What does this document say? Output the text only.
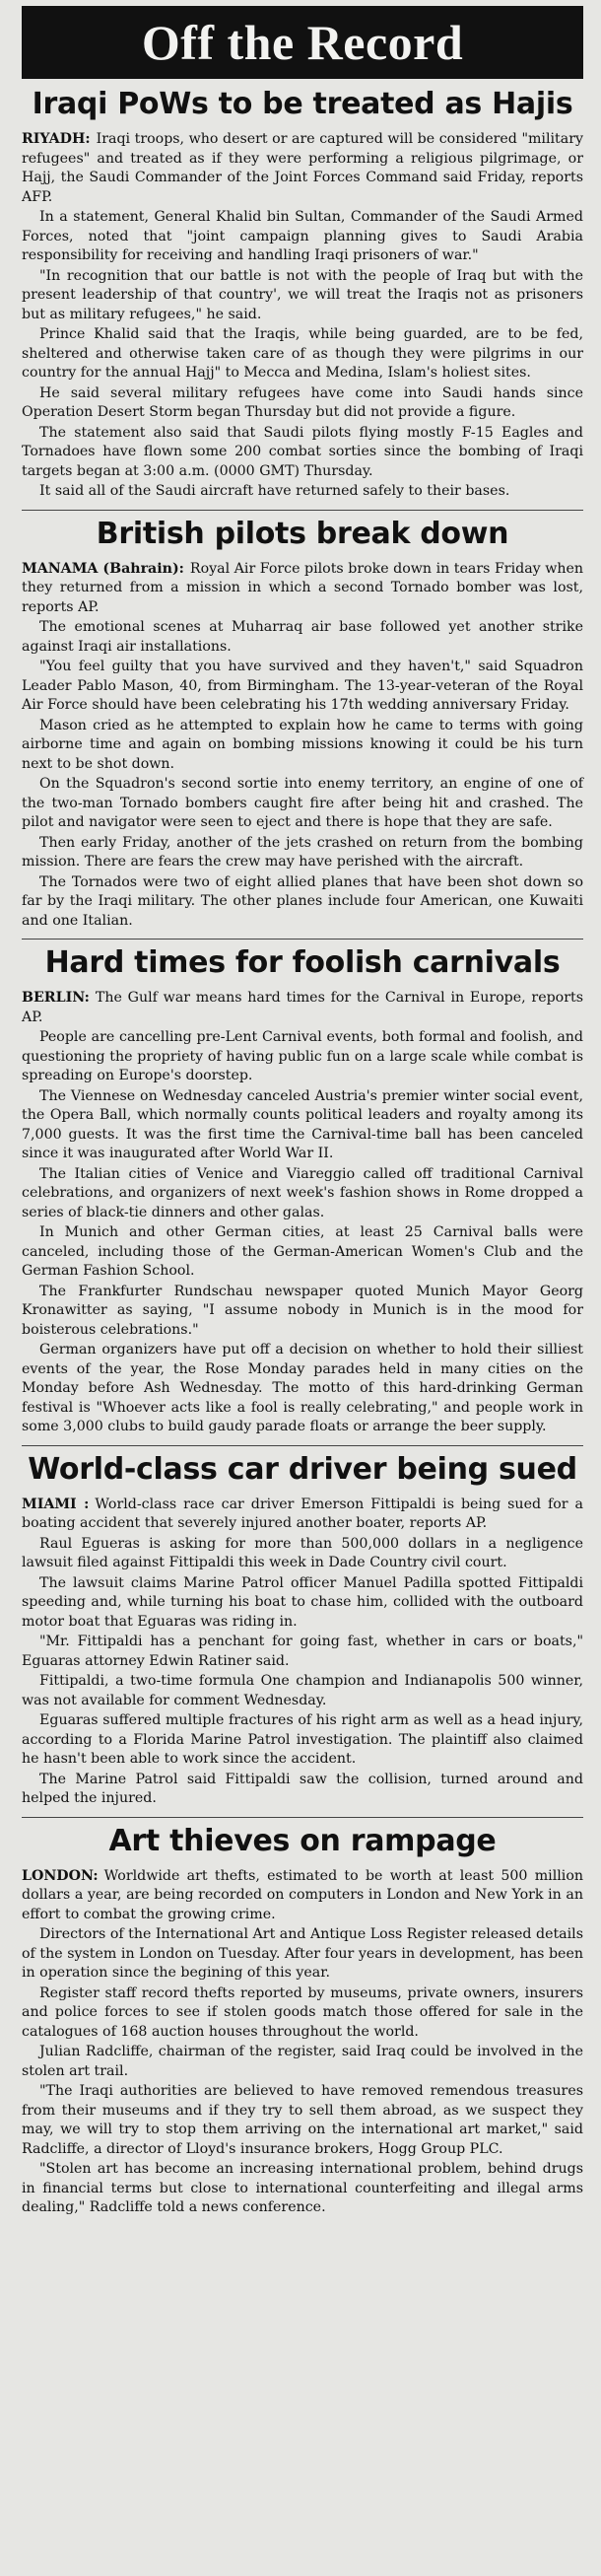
Off the Record
Iraqi PoWs to be treated as Hajis

RIYADH: Iraqi troops, who desert or are captured will be considered "military refugees" and treated as if they were performing a religious pilgrimage, or Hajj, the Saudi Commander of the Joint Forces Command said Friday, reports AFP.

In a statement, General Khalid bin Sultan, Commander of the Saudi Armed Forces, noted that "joint campaign planning gives to Saudi Arabia responsibility for receiving and handling Iraqi prisoners of war."

"In recognition that our battle is not with the people of Iraq but with the present leadership of that country', we will treat the Iraqis not as prisoners but as military refugees," he said.

Prince Khalid said that the Iraqis, while being guarded, are to be fed, sheltered and otherwise taken care of as though they were pilgrims in our country for the annual Hajj" to Mecca and Medina, Islam's holiest sites.

He said several military refugees have come into Saudi hands since Operation Desert Storm began Thursday but did not provide a figure.

The statement also said that Saudi pilots flying mostly F-15 Eagles and Tornadoes have flown some 200 combat sorties since the bombing of Iraqi targets began at 3:00 a.m. (0000 GMT) Thursday.

It said all of the Saudi aircraft have returned safely to their bases.

British pilots break down

MANAMA (Bahrain): Royal Air Force pilots broke down in tears Friday when they returned from a mission in which a second Tornado bomber was lost, reports AP.

The emotional scenes at Muharraq air base followed yet another strike against Iraqi air installations.

"You feel guilty that you have survived and they haven't," said Squadron Leader Pablo Mason, 40, from Birmingham. The 13-year-veteran of the Royal Air Force should have been celebrating his 17th wedding anniversary Friday.

Mason cried as he attempted to explain how he came to terms with going airborne time and again on bombing missions knowing it could be his turn next to be shot down.

On the Squadron's second sortie into enemy territory, an engine of one of the two-man Tornado bombers caught fire after being hit and crashed. The pilot and navigator were seen to eject and there is hope that they are safe.

Then early Friday, another of the jets crashed on return from the bombing mission. There are fears the crew may have perished with the aircraft.

The Tornados were two of eight allied planes that have been shot down so far by the Iraqi military. The other planes include four American, one Kuwaiti and one Italian.

Hard times for foolish carnivals

BERLIN: The Gulf war means hard times for the Carnival in Europe, reports AP.

People are cancelling pre-Lent Carnival events, both formal and foolish, and questioning the propriety of having public fun on a large scale while combat is spreading on Europe's doorstep.

The Viennese on Wednesday canceled Austria's premier winter social event, the Opera Ball, which normally counts political leaders and royalty among its 7,000 guests. It was the first time the Carnival-time ball has been canceled since it was inaugurated after World War II.

The Italian cities of Venice and Viareggio called off traditional Carnival celebrations, and organizers of next week's fashion shows in Rome dropped a series of black-tie dinners and other galas.

In Munich and other German cities, at least 25 Carnival balls were canceled, including those of the German-American Women's Club and the German Fashion School.

The Frankfurter Rundschau newspaper quoted Munich Mayor Georg Kronawitter as saying, "I assume nobody in Munich is in the mood for boisterous celebrations."

German organizers have put off a decision on whether to hold their silliest events of the year, the Rose Monday parades held in many cities on the Monday before Ash Wednesday. The motto of this hard-drinking German festival is "Whoever acts like a fool is really celebrating," and people work in some 3,000 clubs to build gaudy parade floats or arrange the beer supply.

World-class car driver being sued

MIAMI : World-class race car driver Emerson Fittipaldi is being sued for a boating accident that severely injured another boater, reports AP.

Raul Egueras is asking for more than 500,000 dollars in a negligence lawsuit filed against Fittipaldi this week in Dade Country civil court.

The lawsuit claims Marine Patrol officer Manuel Padilla spotted Fittipaldi speeding and, while turning his boat to chase him, collided with the outboard motor boat that Eguaras was riding in.

"Mr. Fittipaldi has a penchant for going fast, whether in cars or boats," Eguaras attorney Edwin Ratiner said.

Fittipaldi, a two-time formula One champion and Indianapolis 500 winner, was not available for comment Wednesday.

Eguaras suffered multiple fractures of his right arm as well as a head injury, according to a Florida Marine Patrol investigation. The plaintiff also claimed he hasn't been able to work since the accident.

The Marine Patrol said Fittipaldi saw the collision, turned around and helped the injured.

Art thieves on rampage

LONDON: Worldwide art thefts, estimated to be worth at least 500 million dollars a year, are being recorded on computers in London and New York in an effort to combat the growing crime.

Directors of the International Art and Antique Loss Register released details of the system in London on Tuesday. After four years in development, has been in operation since the begining of this year.

Register staff record thefts reported by museums, private owners, insurers and police forces to see if stolen goods match those offered for sale in the catalogues of 168 auction houses throughout the world.

Julian Radcliffe, chairman of the register, said Iraq could be involved in the stolen art trail.

"The Iraqi authorities are believed to have removed remendous treasures from their museums and if they try to sell them abroad, as we suspect they may, we will try to stop them arriving on the international art market," said Radcliffe, a director of Lloyd's insurance brokers, Hogg Group PLC.

"Stolen art has become an increasing international problem, behind drugs in financial terms but close to international counterfeiting and illegal arms dealing," Radcliffe told a news conference.
